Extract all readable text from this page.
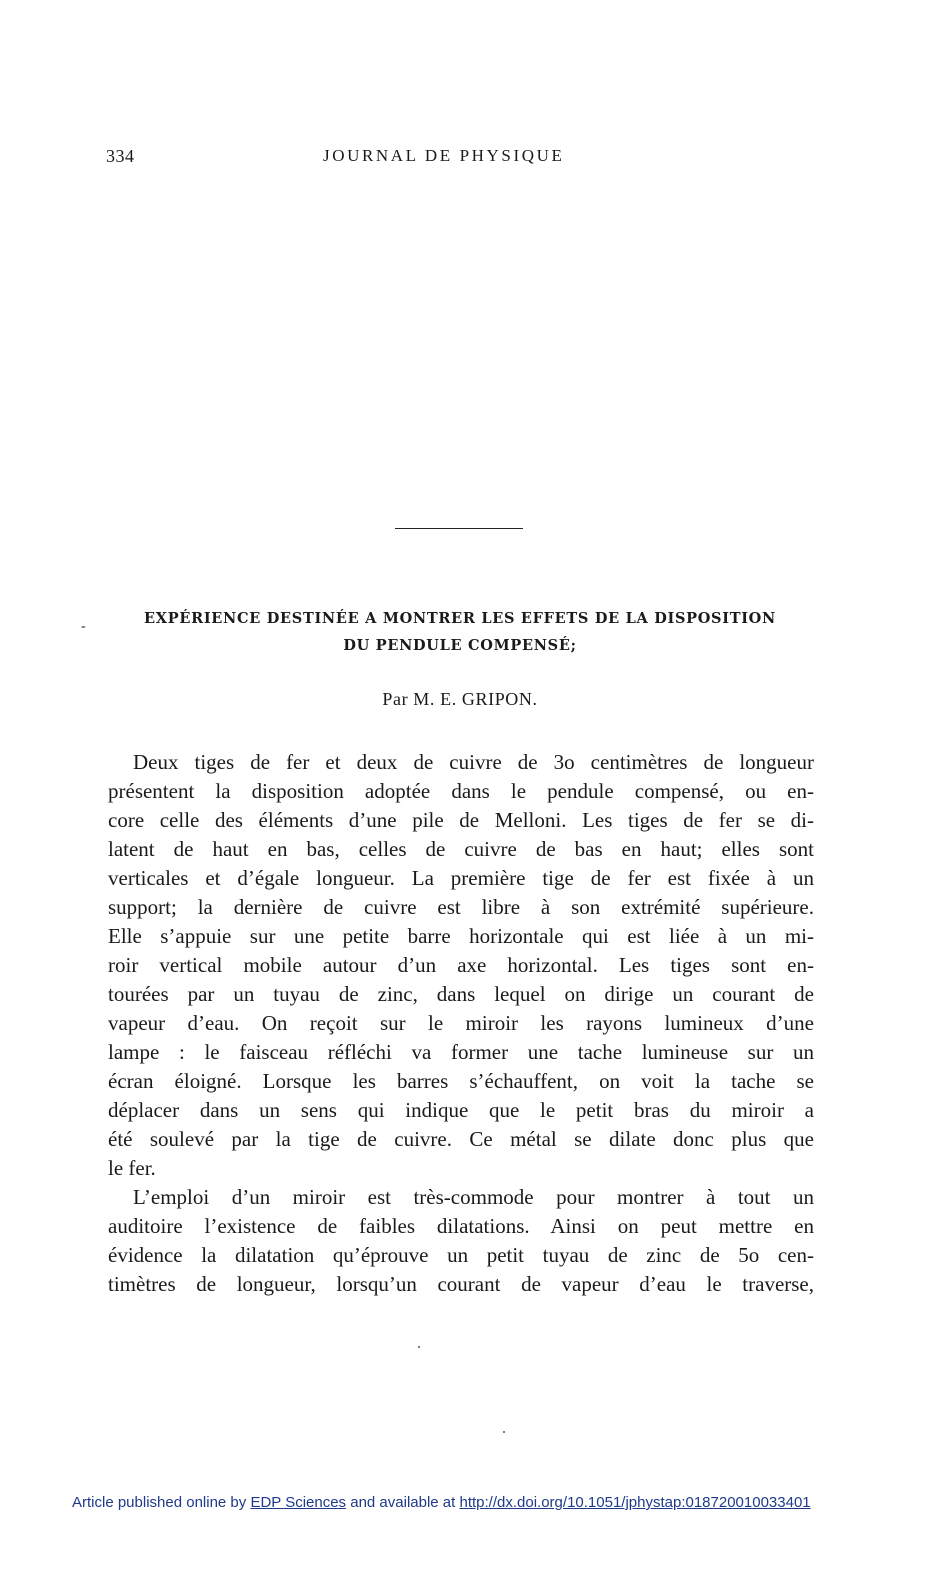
334	JOURNAL DE PHYSIQUE
-	EXPÉRIENCE DESTINÉE A MONTRER LES EFFETS DE LA DISPOSITION
DU PENDULE COMPENSÉ;
Par M. E. GRIPON.
Deux tiges de fer et deux de cuivre de 3o centimètres de longueur
présentent la disposition adoptée dans le pendule compensé, ou en-
core celle des éléments d’une pile de Melloni. Les tiges de fer se di-
latent de haut en bas, celles de cuivre de bas en haut; elles sont
verticales et d’égale longueur. La première tige de fer est fixée à un
support; la dernière de cuivre est libre à son extrémité supérieure.
Elle s’appuie sur une petite barre horizontale qui est liée à un mi-
roir vertical mobile autour d’un axe horizontal. Les tiges sont en-
tourées par un tuyau de zinc, dans lequel on dirige un courant de
vapeur d’eau. On reçoit sur le miroir les rayons lumineux d’une
lampe : le faisceau réfléchi va former une tache lumineuse sur un
écran éloigné. Lorsque les barres s’échauffent, on voit la tache se
déplacer dans un sens qui indique que le petit bras du miroir a
été soulevé par la tige de cuivre. Ce métal se dilate donc plus que
le fer.
L’emploi d’un miroir est très-commode pour montrer à tout un
auditoire l’existence de faibles dilatations. Ainsi on peut mettre en
évidence la dilatation qu’éprouve un petit tuyau de zinc de 5o cen-
timètres de longueur, lorsqu’un courant de vapeur d’eau le traverse,
Article published online by EDP Sciences and available at http://dx.doi.org/10.1051/jphystap:018720010033401
